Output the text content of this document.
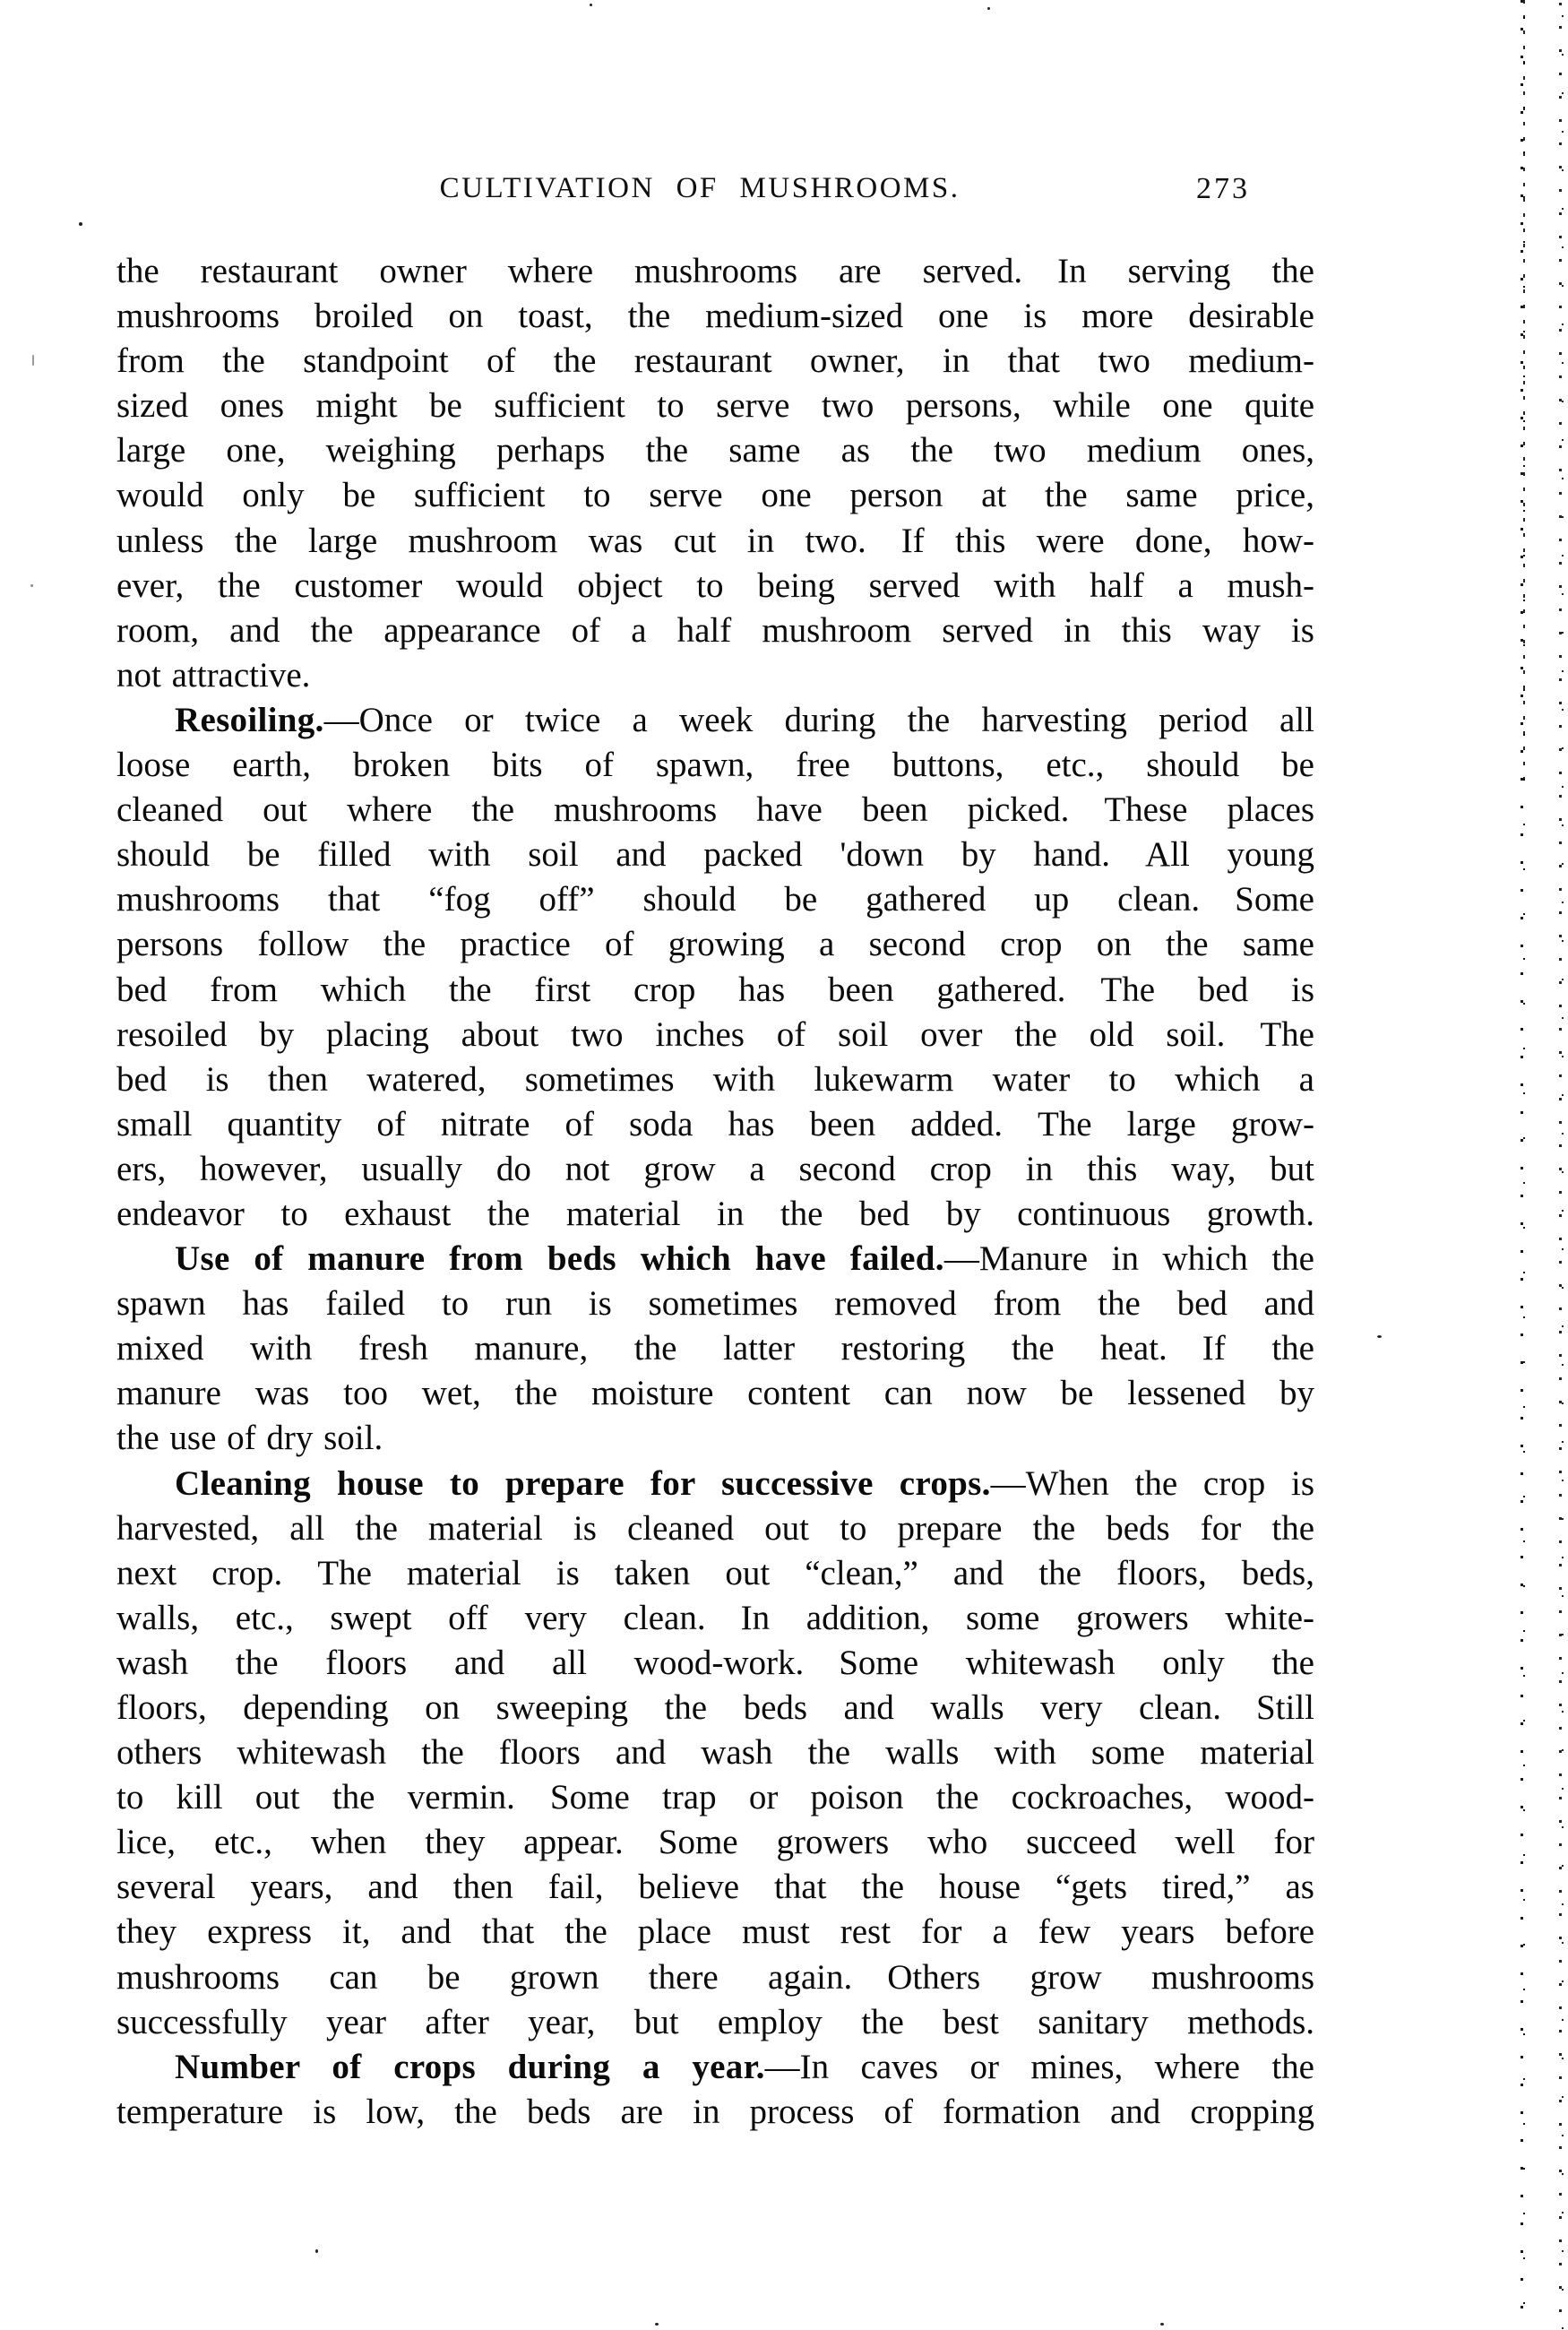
CULTIVATION OF MUSHROOMS.	273
the restaurant owner where mushrooms are served. In serving the
mushrooms broiled on toast, the medium-sized one is more desirable
from the standpoint of the restaurant owner, in that two medium-
sized ones might be sufficient to serve two persons, while one quite
large one, weighing perhaps the same as the two medium ones,
would only be sufficient to serve one person at the same price,
unless the large mushroom was cut in two. If this were done, how-
ever, the customer would object to being served with half a mush-
room, and the appearance of a half mushroom served in this way is
not attractive.
Resoiling.—Once or twice a week during the harvesting period all
loose earth, broken bits of spawn, free buttons, etc., should be
cleaned out where the mushrooms have been picked. These places
should be filled with soil and packed 'down by hand. All young
mushrooms that “fog off” should be gathered up clean. Some
persons follow the practice of growing a second crop on the same
bed from which the first crop has been gathered. The bed is
resoiled by placing about two inches of soil over the old soil. The
bed is then watered, sometimes with lukewarm water to which a
small quantity of nitrate of soda has been added. The large grow-
ers, however, usually do not grow a second crop in this way, but
endeavor to exhaust the material in the bed by continuous growth.
Use of manure from beds which have failed.—Manure in which the
spawn has failed to run is sometimes removed from the bed and
mixed with fresh manure, the latter restoring the heat. If the
manure was too wet, the moisture content can now be lessened by
the use of dry soil.
Cleaning house to prepare for successive crops.—When the crop is
harvested, all the material is cleaned out to prepare the beds for the
next crop. The material is taken out “clean,” and the floors, beds,
walls, etc., swept off very clean. In addition, some growers white-
wash the floors and all wood-work. Some whitewash only the
floors, depending on sweeping the beds and walls very clean. Still
others whitewash the floors and wash the walls with some material
to kill out the vermin. Some trap or poison the cockroaches, wood-
lice, etc., when they appear. Some growers who succeed well for
several years, and then fail, believe that the house “gets tired,” as
they express it, and that the place must rest for a few years before
mushrooms can be grown there again. Others grow mushrooms
successfully year after year, but employ the best sanitary methods.
Number of crops during a year.—In caves or mines, where the
temperature is low, the beds are in process of formation and cropping
